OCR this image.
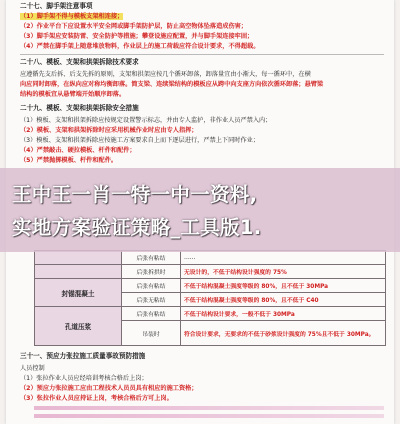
二十七、脚手架注意事项
（1）脚手架不得与模板支架相连接；
（2）作业平台下应设置水平安全网或脚手架防护层，防止高空物体坠落造成伤害；
（3）脚手架应安装防雷、安全防护等措施；攀登设施应配置，并与脚手架连接牢固；
（4）严禁在脚手架上随意堆放物料，作业层上的施工荷载应符合设计要求，不得超载。
二十八、模板、支架和拱架拆除技术要求
应遵循先支后拆、后支先拆的原则，支架和拱架应按几个循环卸落，卸落量宜由小渐大，每一循环中，在横
向应同时卸落，在纵向应对称均衡卸落。简支梁、连续梁结构的模板应从跨中向支座方向依次循环卸落；悬臂梁
结构的模板宜从悬臂端开始顺序卸落。
二十九、模板、支架和拱架拆除安全措施
（1）模板、支架和拱架拆除应按规定设置警示标志，并由专人监护，非作业人员严禁入内；
（2）模板、支架和拱架拆除时应采用机械作业时应由专人指挥；
（3）模板、支架和拱架拆除应按施工方案要求自上而下逐层进行，严禁上下同时作业；
（4）严禁敲击、硬拉模板、杆件和配件；
（5）严禁抛掷模板、杆件和配件。
	后张有粘结	……
	后张拆拱时	无设计的，不低于结构设计强度的 75%
封锚混凝土	后张有粘结	不低于结构混凝土强度等级的 80%，且不低于 30MPa
	后张无粘结	不低于结构混凝土强度等级的 80%，且不低于 C40
孔道压浆	后张有粘结	不低于结构设计要求，一般不低于 30MPa
	吊装时	符合设计要求，无要求的不低于砂浆设计强度的 75%且不低于 30MPa。
三十一、预应力张拉施工质量事故预防措施
人员控制
（1）张拉作业人员应经培训考核合格后上岗；
（2）预应力张拉施工应由工程技术人员员具有相应的施工资格；
（3）张拉作业人员应持证上岗，考核合格后方可上岗。
王中王一肖一特一中一资料,
实地方案验证策略_工具版1.
